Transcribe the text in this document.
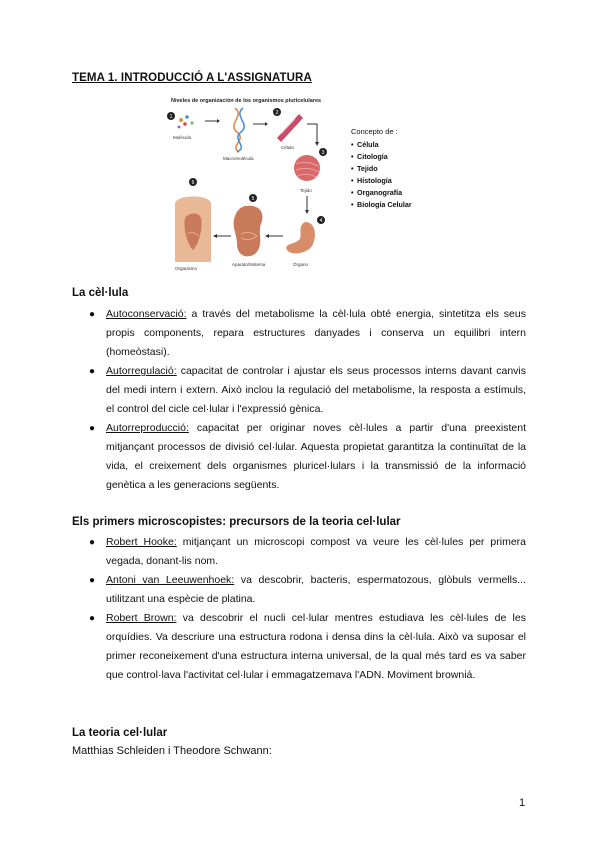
TEMA 1. INTRODUCCIÓ A L'ASSIGNATURA
Niveles de organización de los organismos pluricelulares
1
Molécula
Macromolécula
2
Célula
3
Tejido
4
Órgano
5
Aparato/Sistema
6
Organismo
Concepto de :
• Célula
• Citología
• Tejido
• Histología
• Organografía
• Biología Celular
La cèl·lula
● Autoconservació: a través del metabolisme la cèl·lula obté energia, sintetitza els seus propis components, repara estructures danyades i conserva un equilibri intern (homeòstasi).
● Autorregulació: capacitat de controlar i ajustar els seus processos interns davant canvis del medi intern i extern. Això inclou la regulació del metabolisme, la resposta a estímuls, el control del cicle cel·lular i l'expressió gènica.
● Autorreproducció: capacitat per originar noves cèl·lules a partir d'una preexistent mitjançant processos de divisió cel·lular. Aquesta propietat garantitza la continuïtat de la vida, el creixement dels organismes pluricel·lulars i la transmissió de la informació genètica a les generacions següents.
Els primers microscopistes: precursors de la teoria cel·lular
● Robert Hooke: mitjançant un microscopi compost va veure les cèl·lules per primera vegada, donant-lis nom.
● Antoni van Leeuwenhoek: va descobrir, bacteris, espermatozous, glòbuls vermells... utilitzant una espècie de platina.
● Robert Brown: va descobrir el nucli cel·lular mentres estudiava les cèl·lules de les orquídies. Va descriure una estructura rodona i densa dins la cèl·lula. Això va suposar el primer reconeixement d'una estructura interna universal, de la qual més tard es va saber que control·lava l'activitat cel·lular i emmagatzemava l'ADN. Moviment browniá.
La teoria cel·lular
Matthias Schleiden i Theodore Schwann:
1
